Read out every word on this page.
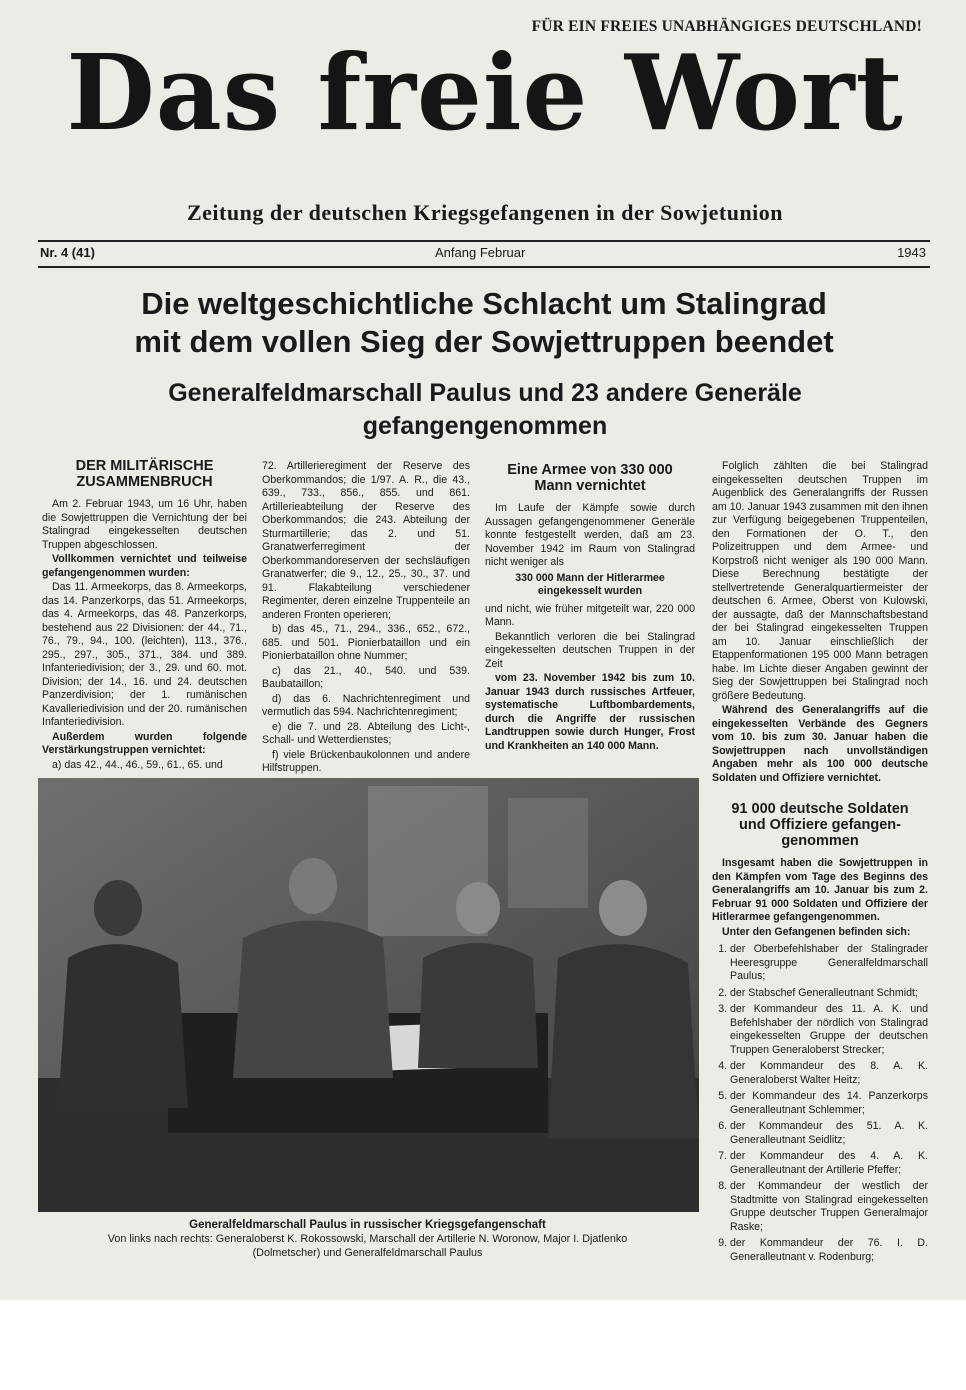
FÜR EIN FREIES UNABHÄNGIGES DEUTSCHLAND!
Das freie Wort
Zeitung der deutschen Kriegsgefangenen in der Sowjetunion
Nr. 4 (41)	Anfang Februar	1943
Die weltgeschichtliche Schlacht um Stalingrad
mit dem vollen Sieg der Sowjettruppen beendet
Generalfeldmarschall Paulus und 23 andere Generäle
gefangengenommen
DER MILITÄRISCHE
ZUSAMMENBRUCH

Am 2. Februar 1943, um 16 Uhr, haben die Sowjettruppen die Vernichtung der bei Stalingrad eingekesselten deutschen Truppen abgeschlossen.

Vollkommen vernichtet und teilweise gefangengenommen wurden:

Das 11. Armeekorps, das 8. Armeekorps, das 14. Panzerkorps, das 51. Armeekorps, das 4. Armeekorps, das 48. Panzerkorps, bestehend aus 22 Divisionen: der 44., 71., 76., 79., 94., 100. (leichten), 113., 376., 295., 297., 305., 371., 384. und 389. Infanteriedivision; der 3., 29. und 60. mot. Division; der 14., 16. und 24. deutschen Panzerdivision; der 1. rumänischen Kavalleriedivision und der 20. rumänischen Infanteriedivision.

Außerdem wurden folgende Verstärkungstruppen vernichtet:

a) das 42., 44., 46., 59., 61., 65. und

72. Artillerieregiment der Reserve des Oberkommandos; die 1/97. A. R., die 43., 639., 733., 856., 855. und 861. Artillerieabteilung der Reserve des Oberkommandos; die 243. Abteilung der Sturmartillerie; das 2. und 51. Granatwerferregiment der Oberkommandoreserven der sechsläufigen Granatwerfer; die 9., 12., 25., 30., 37. und 91. Flakabteilung verschiedener Regimenter, deren einzelne Truppenteile an anderen Fronten operieren;

b) das 45., 71., 294., 336., 652., 672., 685. und 501. Pionierbataillon und ein Pionierbataillon ohne Nummer;

c) das 21., 40., 540. und 539. Baubataillon;

d) das 6. Nachrichtenregiment und vermutlich das 594. Nachrichtenregiment;

e) die 7. und 28. Abteilung des Licht-, Schall- und Wetterdienstes;

f) viele Brückenbaukolonnen und andere Hilfstruppen.

Eine Armee von 330 000
Mann vernichtet

Im Laufe der Kämpfe sowie durch Aussagen gefangengenommener Generäle konnte festgestellt werden, daß am 23. November 1942 im Raum von Stalingrad nicht weniger als

330 000 Mann der Hitlerarmee eingekesselt wurden

und nicht, wie früher mitgeteilt war, 220 000 Mann.

Bekanntlich verloren die bei Stalingrad eingekesselten deutschen Truppen in der Zeit

vom 23. November 1942 bis zum 10. Januar 1943 durch russisches Artfeuer, systematische Luftbombardements, durch die Angriffe der russischen Landtruppen sowie durch Hunger, Frost und Krankheiten an 140 000 Mann.

Folglich zählten die bei Stalingrad eingekesselten deutschen Truppen im Augenblick des Generalangriffs der Russen am 10. Januar 1943 zusammen mit den ihnen zur Verfügung beigegebenen Truppenteilen, den Formationen der O. T., den Polizeitruppen und dem Armee- und Korpstroß nicht weniger als 190 000 Mann. Diese Berechnung bestätigte der stellvertretende Generalquartiermeister der deutschen 6. Armee, Oberst von Kulowski, der aussagte, daß der Mannschaftsbestand der bei Stalingrad eingekesselten Truppen am 10. Januar einschließlich der Etappenformationen 195 000 Mann betragen habe. Im Lichte dieser Angaben gewinnt der Sieg der Sowjettruppen bei Stalingrad noch größere Bedeutung.

Während des Generalangriffs auf die eingekesselten Verbände des Gegners vom 10. bis zum 30. Januar haben die Sowjettruppen nach unvollständigen Angaben mehr als 100 000 deutsche Soldaten und Offiziere vernichtet.

91 000 deutsche Soldaten
und Offiziere gefangen-
genommen

Insgesamt haben die Sowjettruppen in den Kämpfen vom Tage des Beginns des Generalangriffs am 10. Januar bis zum 2. Februar 91 000 Soldaten und Offiziere der Hitlerarmee gefangengenommen.

Unter den Gefangenen befinden sich:

1. der Oberbefehlshaber der Stalingrader Heeresgruppe Generalfeldmarschall Paulus;
2. der Stabschef Generalleutnant Schmidt;
3. der Kommandeur des 11. A. K. und Befehlshaber der nördlich von Stalingrad eingekesselten Gruppe der deutschen Truppen Generaloberst Strecker;
4. der Kommandeur des 8. A. K. Generaloberst Walter Heitz;
5. der Kommandeur des 14. Panzerkorps Generalleutnant Schlemmer;
6. der Kommandeur des 51. A. K. Generalleutnant Seidlitz;
7. der Kommandeur des 4. A. K. Generalleutnant der Artillerie Pfeffer;
8. der Kommandeur der westlich der Stadtmitte von Stalingrad eingekesselten Gruppe deutscher Truppen Generalmajor Raske;
9. der Kommandeur der 76. I. D. Generalleutnant v. Rodenburg;
Generalfeldmarschall Paulus in russischer Kriegsgefangenschaft
Von links nach rechts: Generaloberst K. Rokossowski, Marschall der Artillerie N. Woronow, Major I. Djatlenko
(Dolmetscher) und Generalfeldmarschall Paulus
